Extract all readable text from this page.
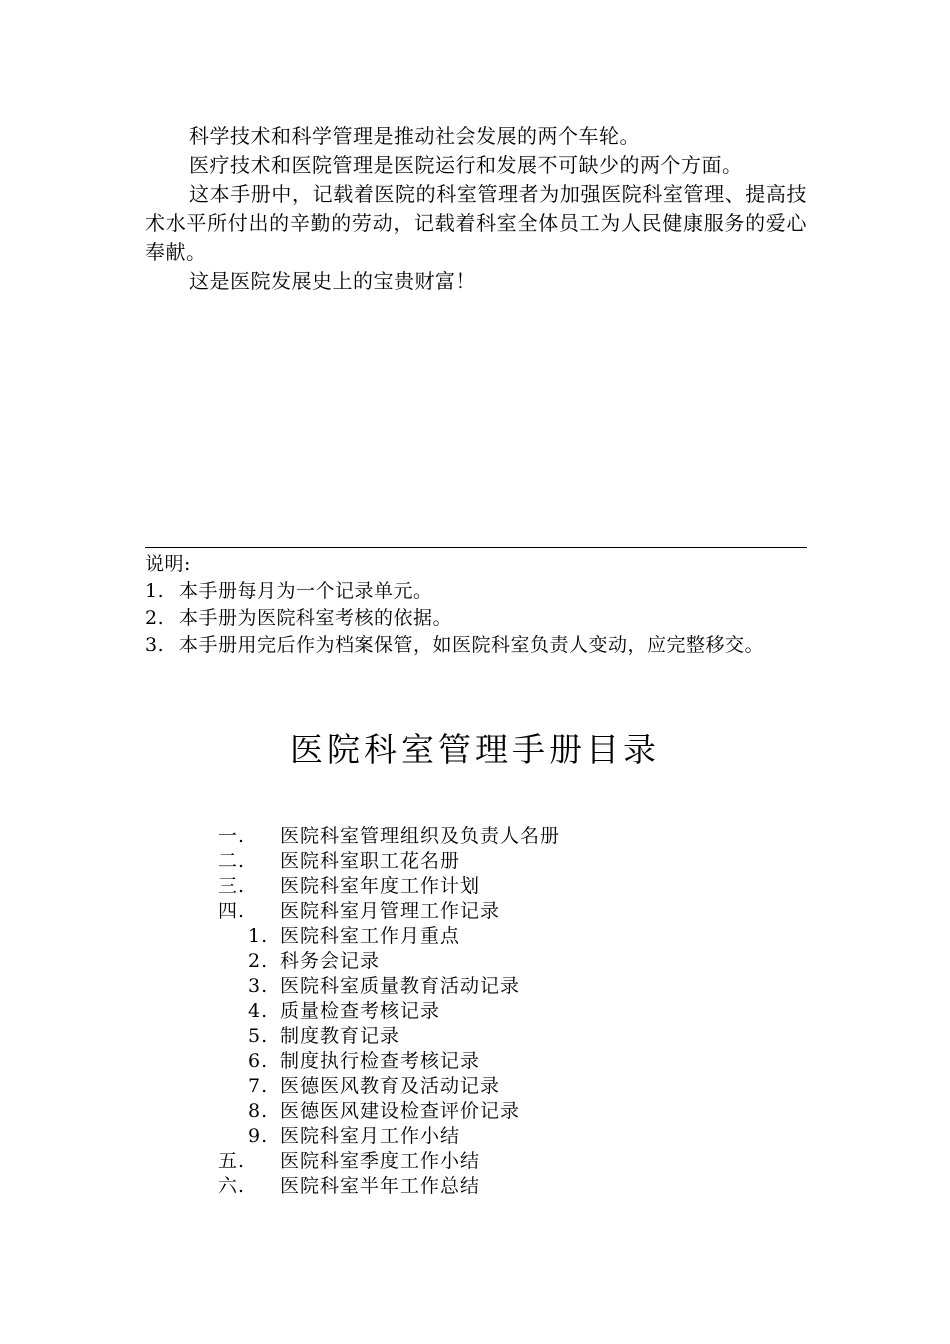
科学技术和科学管理是推动社会发展的两个车轮。

医疗技术和医院管理是医院运行和发展不可缺少的两个方面。

这本手册中，记载着医院的科室管理者为加强医院科室管理、提高技术水平所付出的辛勤的劳动，记载着科室全体员工为人民健康服务的爱心奉献。

这是医院发展史上的宝贵财富！

说明:

1. 本手册每月为一个记录单元。
2. 本手册为医院科室考核的依据。
3. 本手册用完后作为档案保管，如医院科室负责人变动，应完整移交。
医院科室管理手册目录
一. 医院科室管理组织及负责人名册
二. 医院科室职工花名册
三. 医院科室年度工作计划
四. 医院科室月管理工作记录
1. 医院科室工作月重点
2. 科务会记录
3. 医院科室质量教育活动记录
4. 质量检查考核记录
5. 制度教育记录
6. 制度执行检查考核记录
7. 医德医风教育及活动记录
8. 医德医风建设检查评价记录
9. 医院科室月工作小结
五. 医院科室季度工作小结
六. 医院科室半年工作总结
